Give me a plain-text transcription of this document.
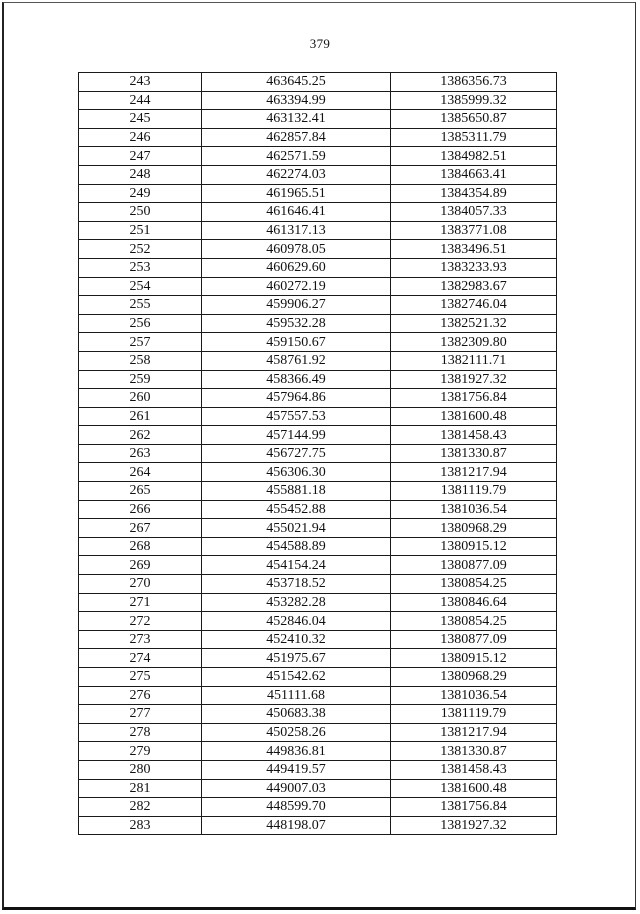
379
243	463645.25	1386356.73
244	463394.99	1385999.32
245	463132.41	1385650.87
246	462857.84	1385311.79
247	462571.59	1384982.51
248	462274.03	1384663.41
249	461965.51	1384354.89
250	461646.41	1384057.33
251	461317.13	1383771.08
252	460978.05	1383496.51
253	460629.60	1383233.93
254	460272.19	1382983.67
255	459906.27	1382746.04
256	459532.28	1382521.32
257	459150.67	1382309.80
258	458761.92	1382111.71
259	458366.49	1381927.32
260	457964.86	1381756.84
261	457557.53	1381600.48
262	457144.99	1381458.43
263	456727.75	1381330.87
264	456306.30	1381217.94
265	455881.18	1381119.79
266	455452.88	1381036.54
267	455021.94	1380968.29
268	454588.89	1380915.12
269	454154.24	1380877.09
270	453718.52	1380854.25
271	453282.28	1380846.64
272	452846.04	1380854.25
273	452410.32	1380877.09
274	451975.67	1380915.12
275	451542.62	1380968.29
276	451111.68	1381036.54
277	450683.38	1381119.79
278	450258.26	1381217.94
279	449836.81	1381330.87
280	449419.57	1381458.43
281	449007.03	1381600.48
282	448599.70	1381756.84
283	448198.07	1381927.32
